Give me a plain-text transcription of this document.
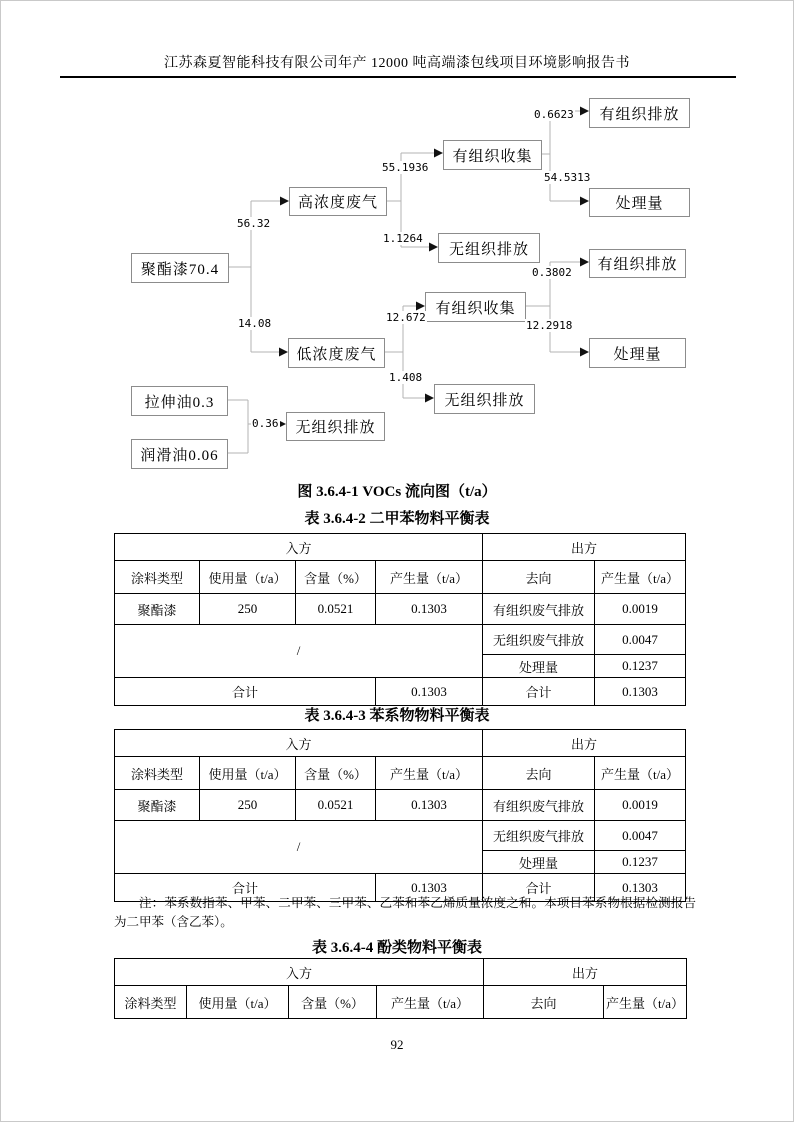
江苏森夏智能科技有限公司年产 12000 吨高端漆包线项目环境影响报告书
聚酯漆70.4
高浓度废气
低浓度废气
有组织收集
有组织排放
处理量
无组织排放
有组织收集
有组织排放
处理量
无组织排放
拉伸油0.3
润滑油0.06
无组织排放
56.32
14.08
55.1936
1.1264
0.6623
54.5313
12.672
1.408
0.3802
12.2918
0.36
图 3.6.4-1 VOCs 流向图（t/a）
表 3.6.4-2 二甲苯物料平衡表
入方				出方	
涂料类型	使用量（t/a）	含量（%）	产生量（t/a）	去向	产生量（t/a）
聚酯漆	250	0.0521	0.1303	有组织废气排放	0.0019
/				无组织废气排放	0.0047
				处理量	0.1237
合计			0.1303	合计	0.1303
表 3.6.4-3 苯系物物料平衡表
入方				出方	
涂料类型	使用量（t/a）	含量（%）	产生量（t/a）	去向	产生量（t/a）
聚酯漆	250	0.0521	0.1303	有组织废气排放	0.0019
/				无组织废气排放	0.0047
				处理量	0.1237
合计			0.1303	合计	0.1303
注：苯系数指苯、甲苯、二甲苯、三甲苯、乙苯和苯乙烯质量浓度之和。本项目苯系物根据检测报告为二甲苯（含乙苯）。
表 3.6.4-4 酚类物料平衡表
入方				出方	
涂料类型	使用量（t/a）	含量（%）	产生量（t/a）	去向	产生量（t/a）
92
